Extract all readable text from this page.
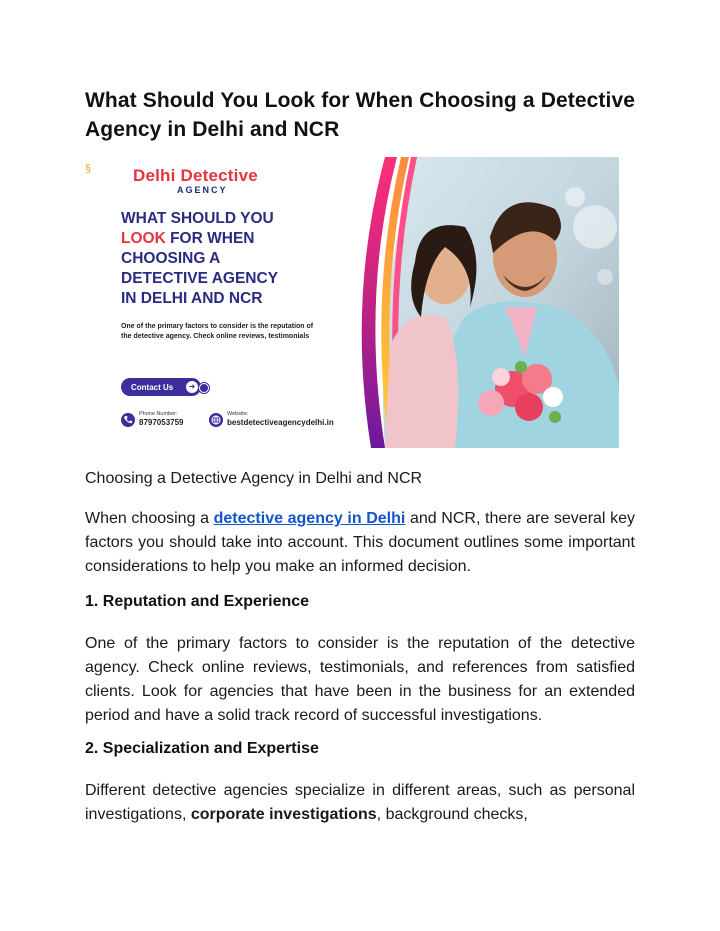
What Should You Look for When Choosing a Detective Agency in Delhi and NCR
§ Delhi Detective
AGENCY
WHAT SHOULD YOU
LOOK FOR WHEN
CHOOSING A
DETECTIVE AGENCY
IN DELHI AND NCR
One of the primary factors to consider is the reputation of the detective agency. Check online reviews, testimonials
Contact Us	➜
Phone Number:
8797053759
Website:
bestdetectiveagencydelhi.in

Choosing a Detective Agency in Delhi and NCR

When choosing a detective agency in Delhi and NCR, there are several key factors you should take into account. This document outlines some important considerations to help you make an informed decision.

1. Reputation and Experience

One of the primary factors to consider is the reputation of the detective agency. Check online reviews, testimonials, and references from satisfied clients. Look for agencies that have been in the business for an extended period and have a solid track record of successful investigations.

2. Specialization and Expertise

Different detective agencies specialize in different areas, such as personal investigations, corporate investigations, background checks,
